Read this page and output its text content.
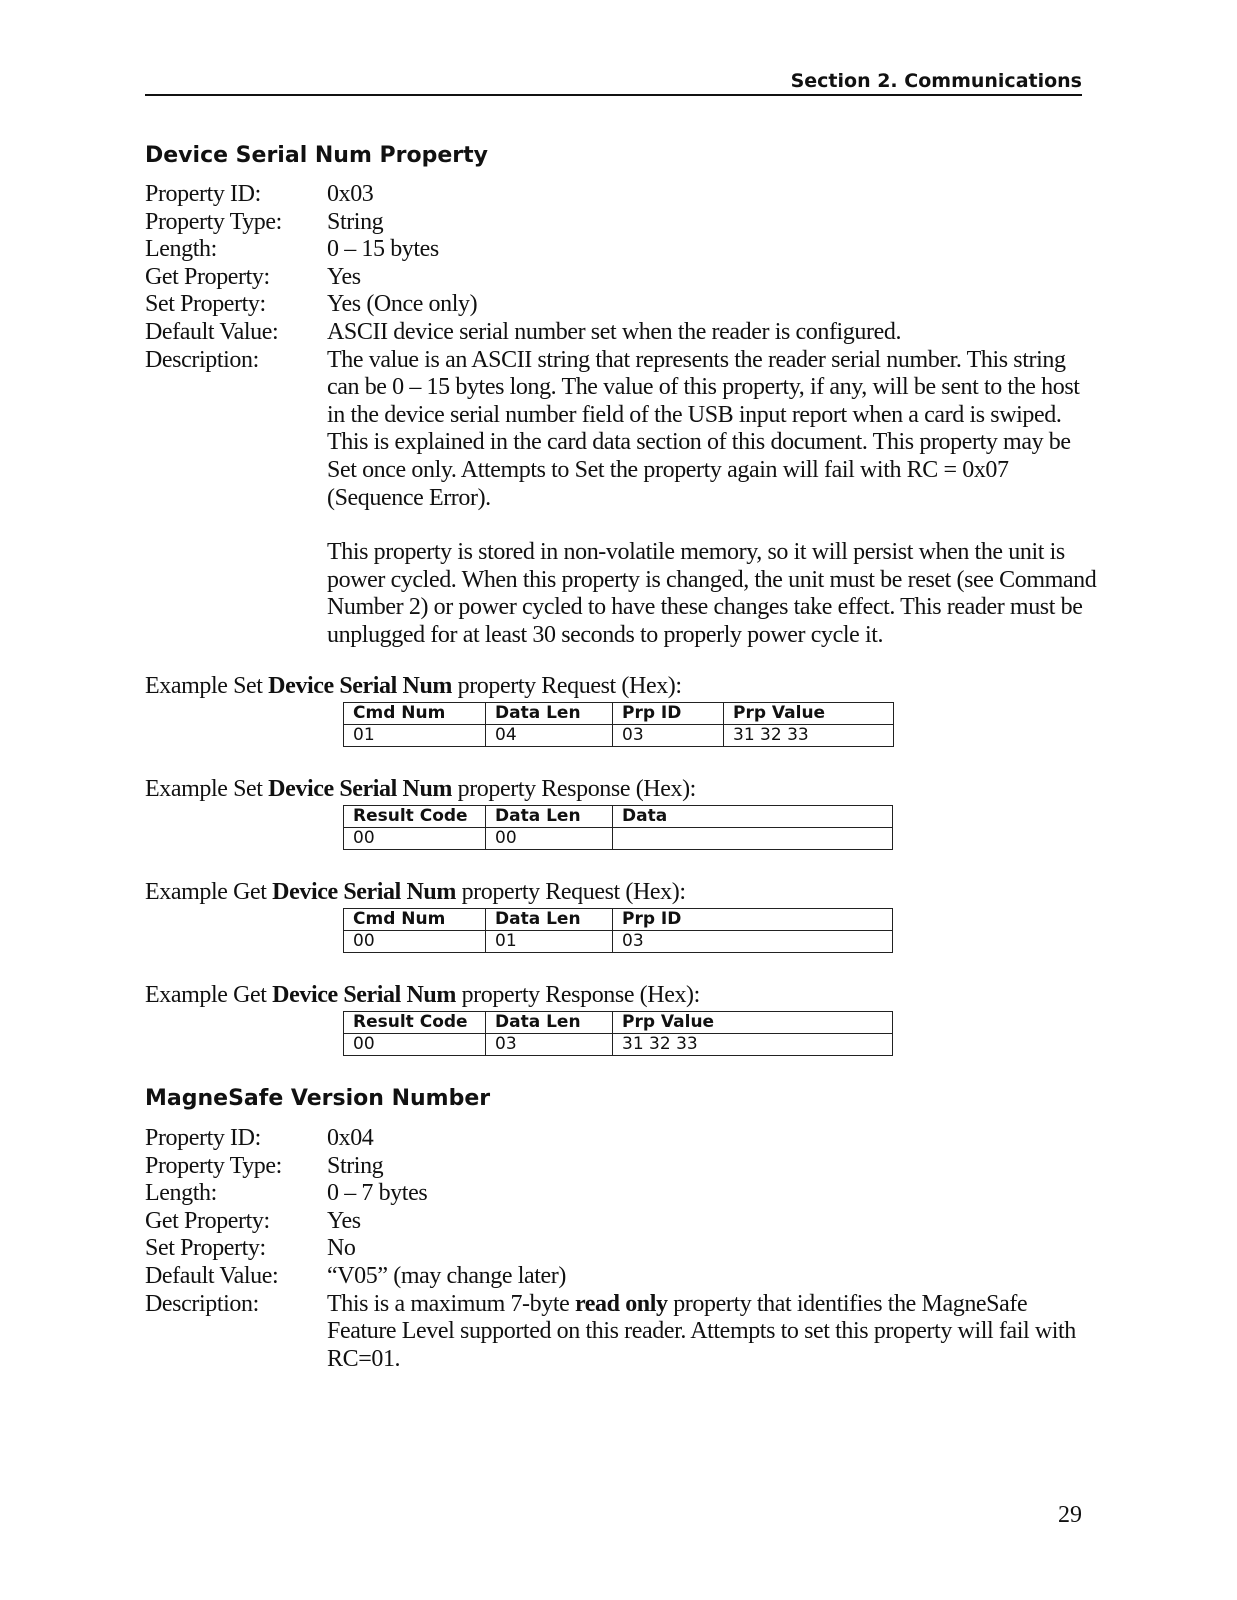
Section 2. Communications
Device Serial Num Property
Property ID:	0x03
Property Type:	String
Length:	0 – 15 bytes
Get Property:	Yes
Set Property:	Yes (Once only)
Default Value:	ASCII device serial number set when the reader is configured.
Description:	The value is an ASCII string that represents the reader serial number. This string can be 0 – 15 bytes long. The value of this property, if any, will be sent to the host in the device serial number field of the USB input report when a card is swiped. This is explained in the card data section of this document. This property may be Set once only. Attempts to Set the property again will fail with RC = 0x07 (Sequence Error).

This property is stored in non-volatile memory, so it will persist when the unit is power cycled. When this property is changed, the unit must be reset (see Command Number 2) or power cycled to have these changes take effect. This reader must be unplugged for at least 30 seconds to properly power cycle it.

Example Set Device Serial Num property Request (Hex):
Cmd Num	Data Len	Prp ID	Prp Value
01	04	03	31 32 33
Example Set Device Serial Num property Response (Hex):
Result Code	Data Len	Data
00	00	
Example Get Device Serial Num property Request (Hex):
Cmd Num	Data Len	Prp ID
00	01	03
Example Get Device Serial Num property Response (Hex):
Result Code	Data Len	Prp Value
00	03	31 32 33
MagneSafe Version Number
Property ID:	0x04
Property Type:	String
Length:	0 – 7 bytes
Get Property:	Yes
Set Property:	No
Default Value:	“V05” (may change later)
Description:	This is a maximum 7-byte read only property that identifies the MagneSafe Feature Level supported on this reader. Attempts to set this property will fail with RC=01.

29
